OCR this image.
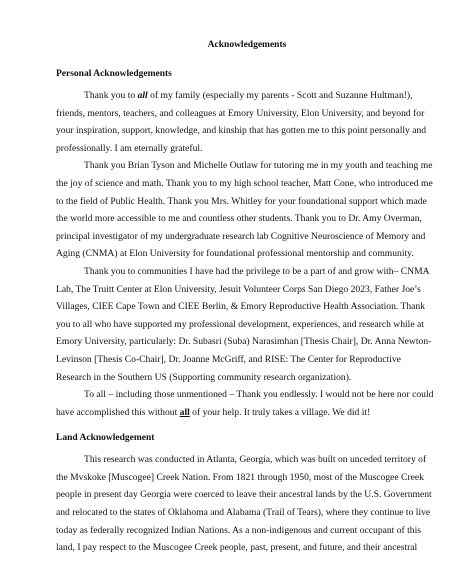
Acknowledgements
Personal Acknowledgements

Thank you to all of my family (especially my parents - Scott and Suzanne Hultman!), friends, mentors, teachers, and colleagues at Emory University, Elon University, and beyond for your inspiration, support, knowledge, and kinship that has gotten me to this point personally and professionally. I am eternally grateful.

Thank you Brian Tyson and Michelle Outlaw for tutoring me in my youth and teaching me the joy of science and math. Thank you to my high school teacher, Matt Cone, who introduced me to the field of Public Health. Thank you Mrs. Whitley for your foundational support which made the world more accessible to me and countless other students. Thank you to Dr. Amy Overman, principal investigator of my undergraduate research lab Cognitive Neuroscience of Memory and Aging (CNMA) at Elon University for foundational professional mentorship and community.

Thank you to communities I have had the privilege to be a part of and grow with– CNMA Lab, The Truitt Center at Elon University, Jesuit Volunteer Corps San Diego 2023, Father Joe’s Villages, CIEE Cape Town and CIEE Berlin, & Emory Reproductive Health Association. Thank you to all who have supported my professional development, experiences, and research while at Emory University, particularly: Dr. Subasri (Suba) Narasimhan [Thesis Chair], Dr. Anna Newton-Levinson [Thesis Co-Chair], Dr. Joanne McGriff, and RISE: The Center for Reproductive Research in the Southern US (Supporting community research organization).

To all – including those unmentioned – Thank you endlessly. I would not be here nor could have accomplished this without all of your help. It truly takes a village. We did it!

Land Acknowledgement

This research was conducted in Atlanta, Georgia, which was built on unceded territory of the Mvskoke [Muscogee] Creek Nation. From 1821 through 1950, most of the Muscogee Creek people in present day Georgia were coerced to leave their ancestral lands by the U.S. Government and relocated to the states of Oklahoma and Alabama (Trail of Tears), where they continue to live today as federally recognized Indian Nations. As a non-indigenous and current occupant of this land, I pay respect to the Muscogee Creek people, past, present, and future, and their ancestral
